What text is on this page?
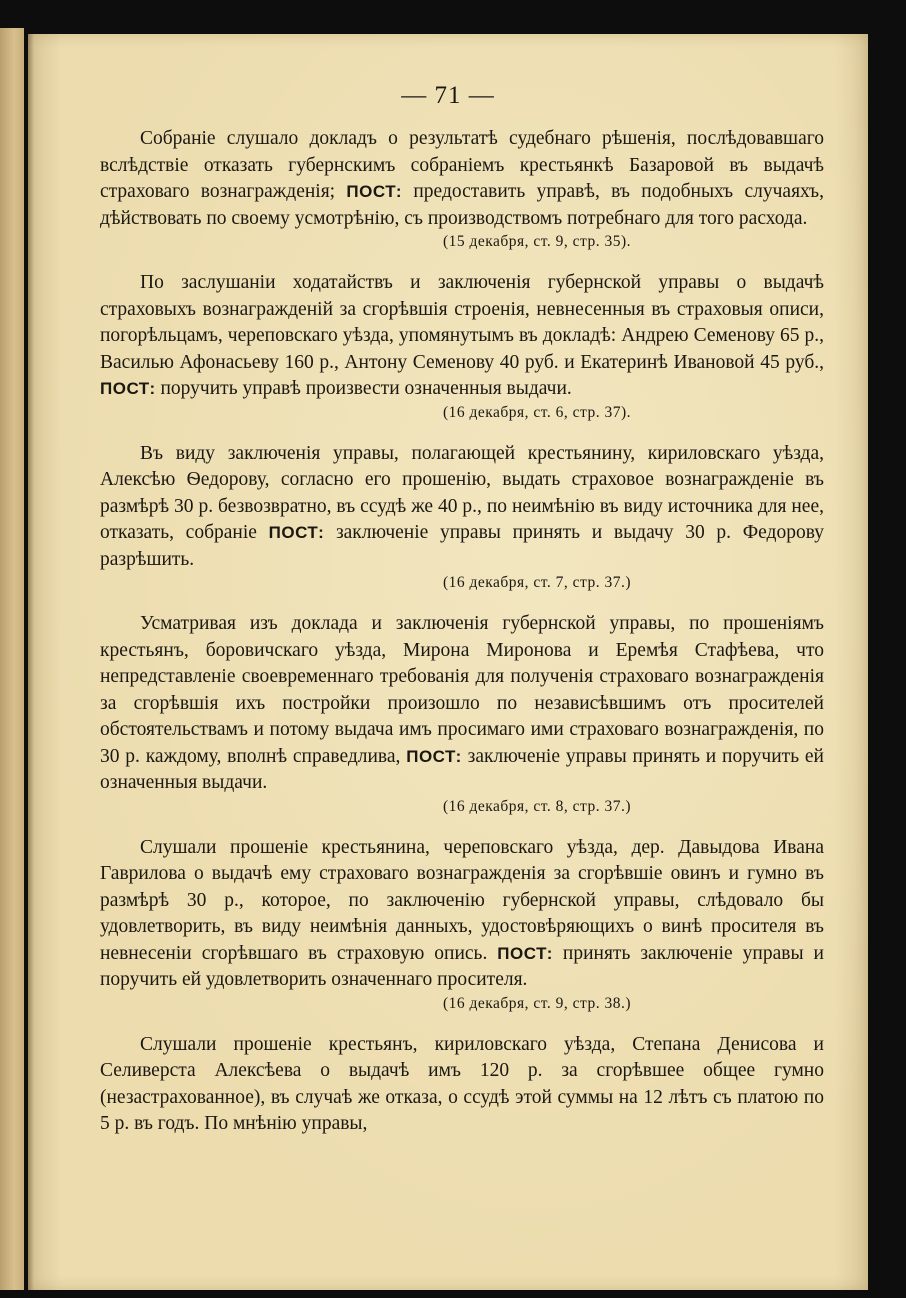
— 71 —

Собраніе слушало докладъ о результатѣ судебнаго рѣшенія, послѣдовавшаго вслѣдствіе отказать губернскимъ собраніемъ крестьянкѣ Базаровой въ выдачѣ страховаго вознагражденія; ПОСТ: предоставить управѣ, въ подобныхъ случаяхъ, дѣйствовать по своему усмотрѣнію, съ производствомъ потребнаго для того расхода.

(15 декабря, ст. 9, стр. 35).

По заслушаніи ходатайствъ и заключенія губернской управы о выдачѣ страховыхъ вознагражденій за сгорѣвшія строенія, невнесенныя въ страховыя описи, погорѣльцамъ, череповскаго уѣзда, упомянутымъ въ докладѣ: Андрею Семенову 65 р., Василью Афонасьеву 160 р., Антону Семенову 40 руб. и Екатеринѣ Ивановой 45 руб., ПОСТ: поручить управѣ произвести означенныя выдачи.

(16 декабря, ст. 6, стр. 37).

Въ виду заключенія управы, полагающей крестьянину, кириловскаго уѣзда, Алексѣю Ѳедорову, согласно его прошенію, выдать страховое вознагражденіе въ размѣрѣ 30 р. безвозвратно, въ ссудѣ же 40 р., по неимѣнію въ виду источника для нее, отказать, собраніе ПОСТ: заключеніе управы принять и выдачу 30 р. Федорову разрѣшить.

(16 декабря, ст. 7, стр. 37.)

Усматривая изъ доклада и заключенія губернской управы, по прошеніямъ крестьянъ, боровичскаго уѣзда, Мирона Миронова и Еремѣя Стафѣева, что непредставленіе своевременнаго требованія для полученія страховаго вознагражденія за сгорѣвшія ихъ постройки произошло по независѣвшимъ отъ просителей обстоятельствамъ и потому выдача имъ просимаго ими страховаго вознагражденія, по 30 р. каждому, вполнѣ справедлива, ПОСТ: заключеніе управы принять и поручить ей означенныя выдачи.

(16 декабря, ст. 8, стр. 37.)

Слушали прошеніе крестьянина, череповскаго уѣзда, дер. Давыдова Ивана Гаврилова о выдачѣ ему страховаго вознагражденія за сгорѣвшіе овинъ и гумно въ размѣрѣ 30 р., которое, по заключенію губернской управы, слѣдовало бы удовлетворить, въ виду неимѣнія данныхъ, удостовѣряющихъ о винѣ просителя въ невнесеніи сгорѣвшаго въ страховую опись. ПОСТ: принять заключеніе управы и поручить ей удовлетворить означеннаго просителя.

(16 декабря, ст. 9, стр. 38.)

Слушали прошеніе крестьянъ, кириловскаго уѣзда, Степана Денисова и Селиверста Алексѣева о выдачѣ имъ 120 р. за сгорѣвшее общее гумно (незастрахованное), въ случаѣ же отказа, о ссудѣ этой суммы на 12 лѣтъ съ платою по 5 р. въ годъ. По мнѣнію управы,
